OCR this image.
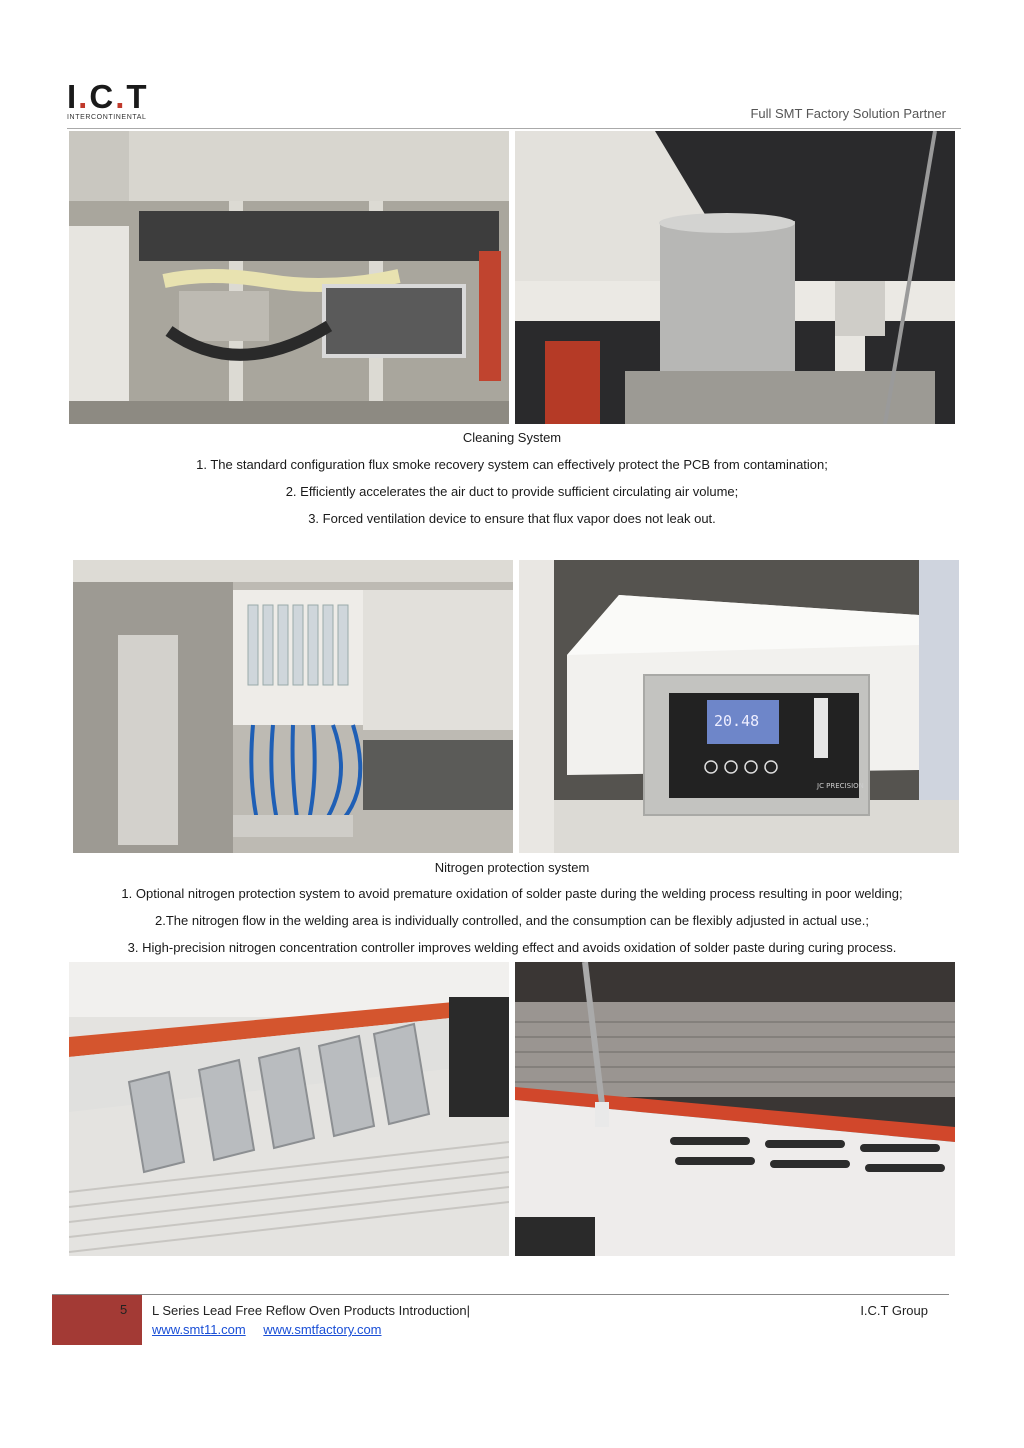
I.C.T
INTERCONTINENTAL	Full SMT Factory Solution Partner
Cleaning System
1. The standard configuration flux smoke recovery system can effectively protect the PCB from contamination;
2. Efficiently accelerates the air duct to provide sufficient circulating air volume;
3. Forced ventilation device to ensure that flux vapor does not leak out.
20.48
JC PRECISION
Nitrogen protection system
1. Optional nitrogen protection system to avoid premature oxidation of solder paste during the welding process resulting in poor welding;
2.The nitrogen flow in the welding area is individually controlled, and the consumption can be flexibly adjusted in actual use.;
3. High-precision nitrogen concentration controller improves welding effect and avoids oxidation of solder paste during curing process.
5 L Series Lead Free Reflow Oven Products Introduction|	I.C.T Group
www.smt11.com www.smtfactory.com
